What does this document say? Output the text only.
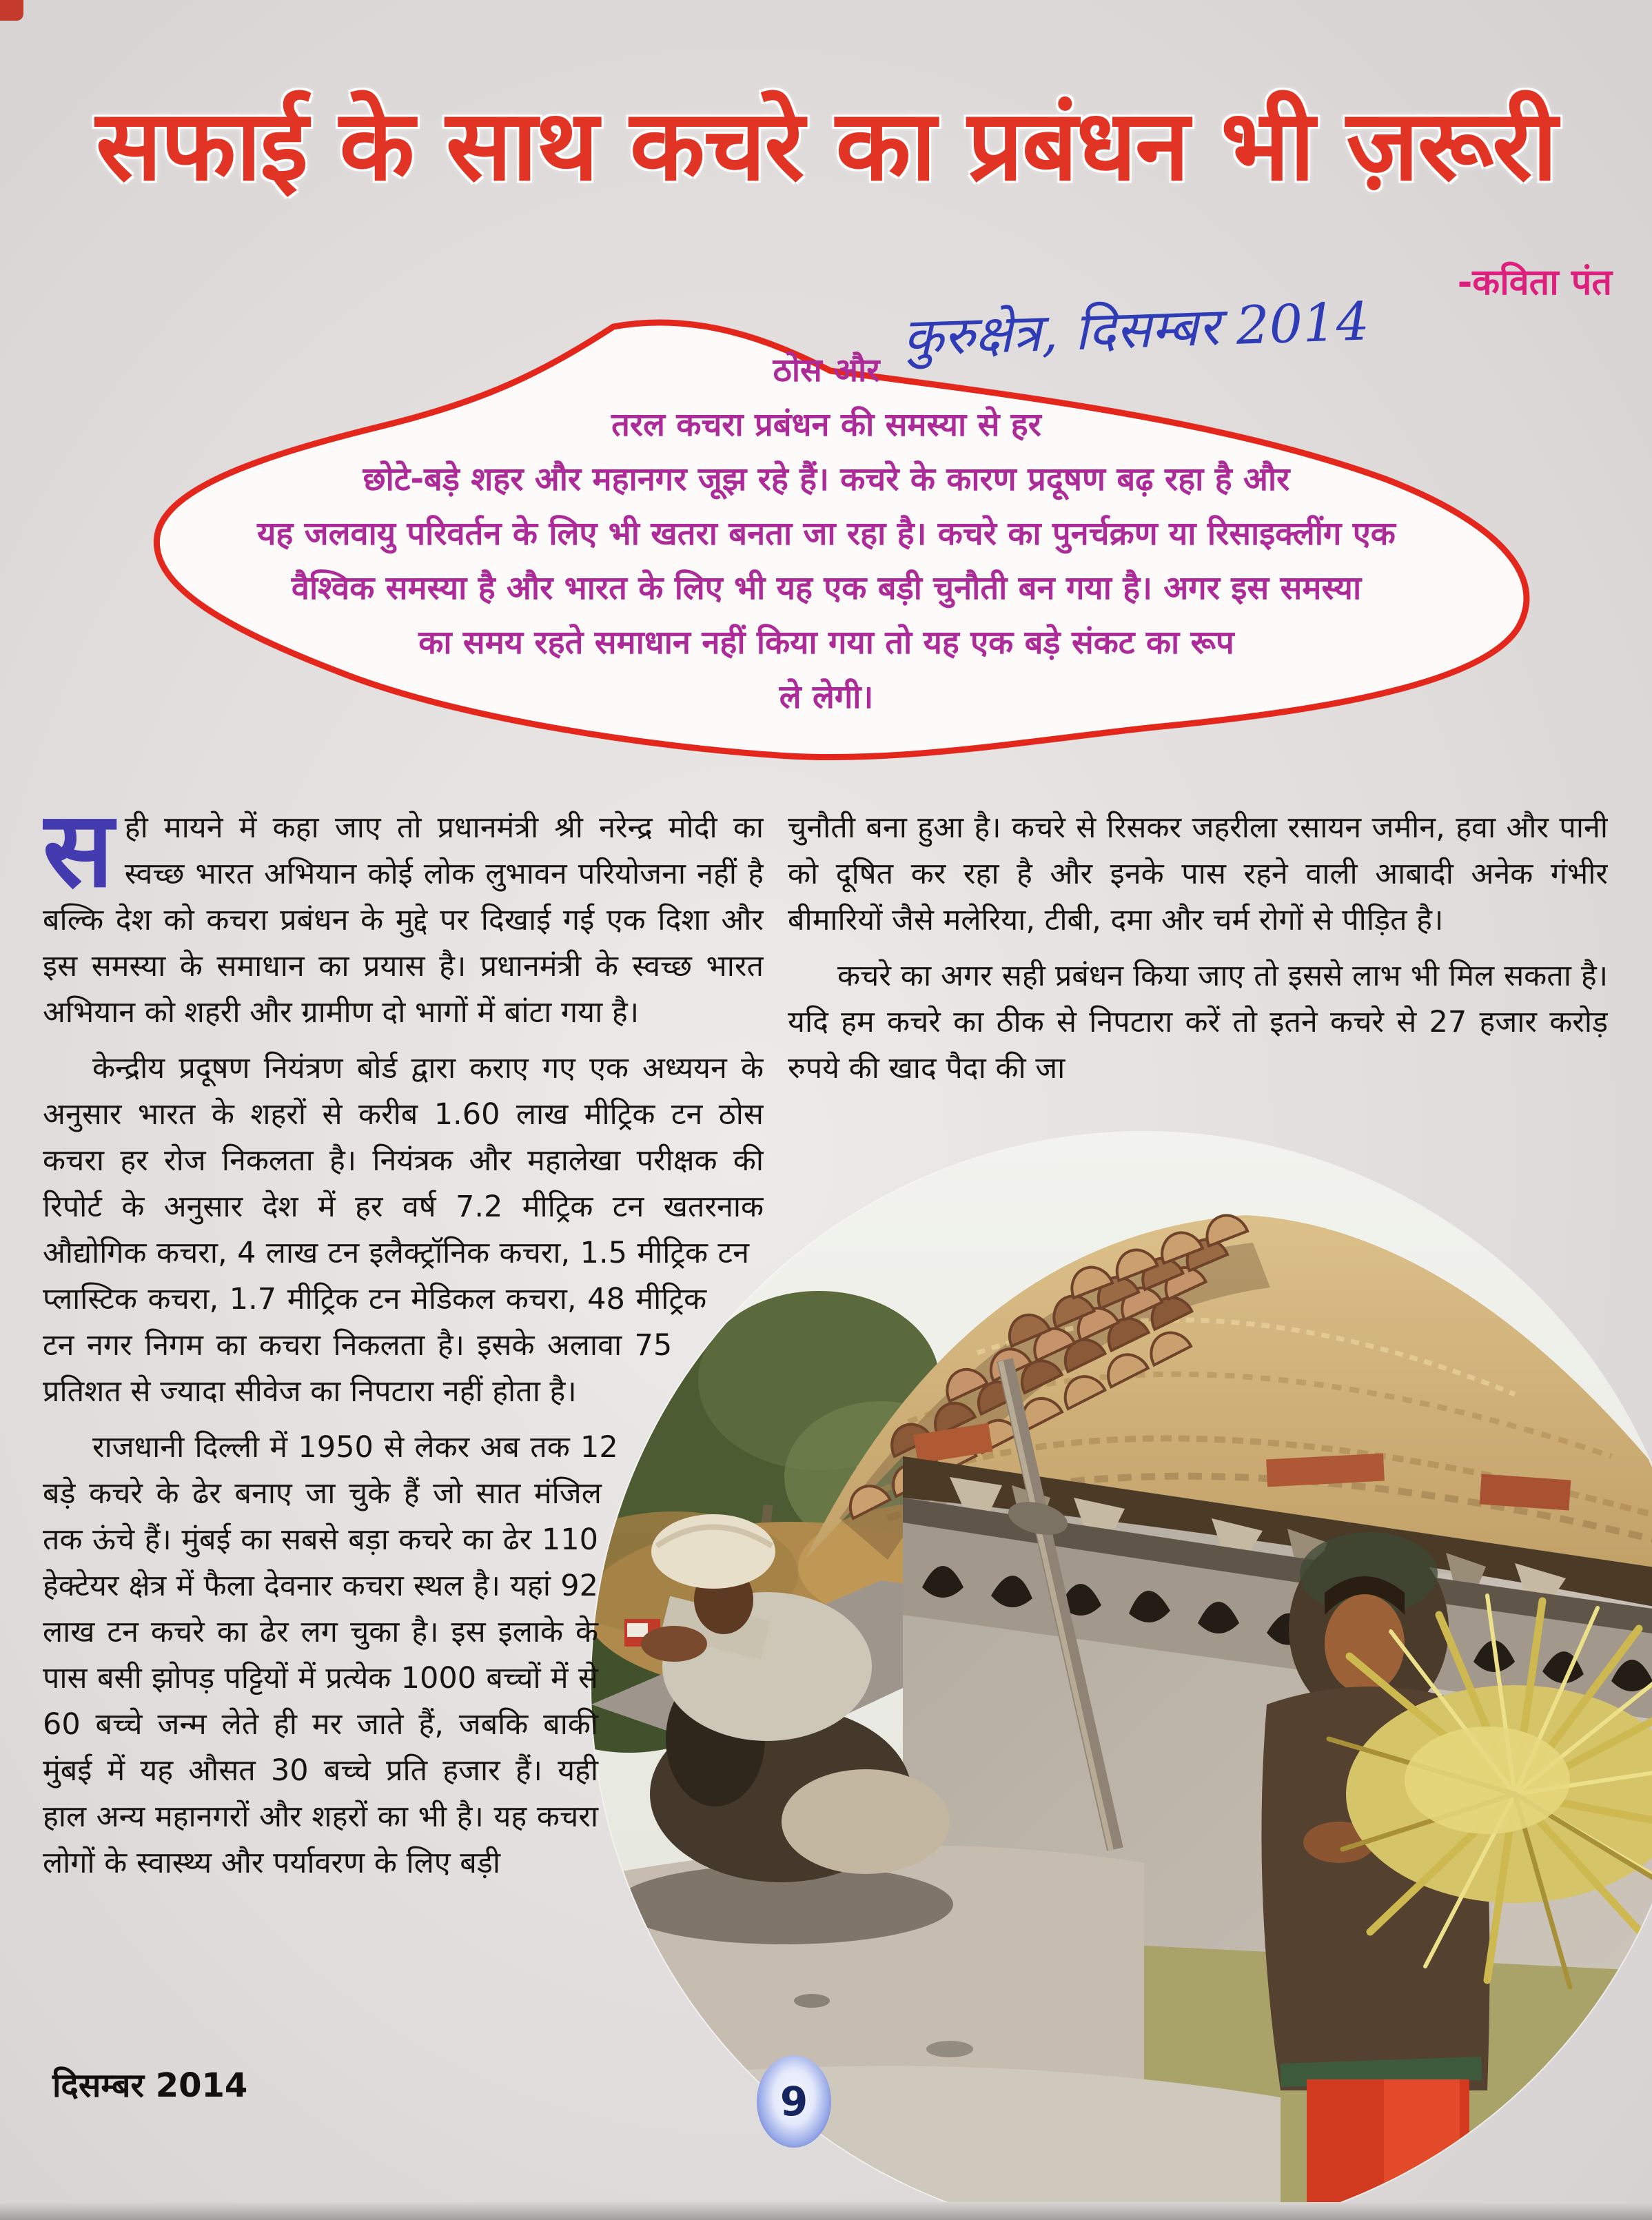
सफाई के साथ कचरे का प्रबंधन भी ज़रूरी
-कविता पंत
कुरुक्षेत्र, दिसम्बर 2014
ठोस और
तरल कचरा प्रबंधन की समस्या से हर
छोटे-बड़े शहर और महानगर जूझ रहे हैं। कचरे के कारण प्रदूषण बढ़ रहा है और
यह जलवायु परिवर्तन के लिए भी खतरा बनता जा रहा है। कचरे का पुनर्चक्रण या रिसाइक्लींग एक
वैश्विक समस्या है और भारत के लिए भी यह एक बड़ी चुनौती बन गया है। अगर इस समस्या
का समय रहते समाधान नहीं किया गया तो यह एक बड़े संकट का रूप
ले लेगी।

सही मायने में कहा जाए तो प्रधानमंत्री श्री नरेन्द्र मोदी का स्वच्छ भारत अभियान कोई लोक लुभावन परियोजना नहीं है बल्कि देश को कचरा प्रबंधन के मुद्दे पर दिखाई गई एक दिशा और इस समस्या के समाधान का प्रयास है। प्रधानमंत्री के स्वच्छ भारत अभियान को शहरी और ग्रामीण दो भागों में बांटा गया है।

केन्द्रीय प्रदूषण नियंत्रण बोर्ड द्वारा कराए गए एक अध्ययन के अनुसार भारत के शहरों से करीब 1.60 लाख मीट्रिक टन ठोस कचरा हर रोज निकलता है। नियंत्रक और महालेखा परीक्षक की रिपोर्ट के अनुसार देश में हर वर्ष 7.2 मीट्रिक टन खतरनाक औद्योगिक कचरा, 4 लाख टन इलैक्ट्रॉनिक कचरा, 1.5 मीट्रिक टन प्लास्टिक कचरा, 1.7 मीट्रिक टन मेडिकल कचरा, 48 मीट्रिक टन नगर निगम का कचरा निकलता है। इसके अलावा 75 प्रतिशत से ज्यादा सीवेज का निपटारा नहीं होता है।

राजधानी दिल्ली में 1950 से लेकर अब तक 12 बड़े कचरे के ढेर बनाए जा चुके हैं जो सात मंजिल तक ऊंचे हैं। मुंबई का सबसे बड़ा कचरे का ढेर 110 हेक्टेयर क्षेत्र में फैला देवनार कचरा स्थल है। यहां 92 लाख टन कचरे का ढेर लग चुका है। इस इलाके के पास बसी झोपड़ पट्टियों में प्रत्येक 1000 बच्चों में से 60 बच्चे जन्म लेते ही मर जाते हैं, जबकि बाकी मुंबई में यह औसत 30 बच्चे प्रति हजार हैं। यही हाल अन्य महानगरों और शहरों का भी है। यह कचरा लोगों के स्वास्थ्य और पर्यावरण के लिए बड़ी

चुनौती बना हुआ है। कचरे से रिसकर जहरीला रसायन जमीन, हवा और पानी को दूषित कर रहा है और इनके पास रहने वाली आबादी अनेक गंभीर बीमारियों जैसे मलेरिया, टीबी, दमा और चर्म रोगों से पीड़ित है।

कचरे का अगर सही प्रबंधन किया जाए तो इससे लाभ भी मिल सकता है। यदि हम कचरे का ठीक से निपटारा करें तो इतने कचरे से 27 हजार करोड़ रुपये की खाद पैदा की जा

9
दिसम्बर 2014
